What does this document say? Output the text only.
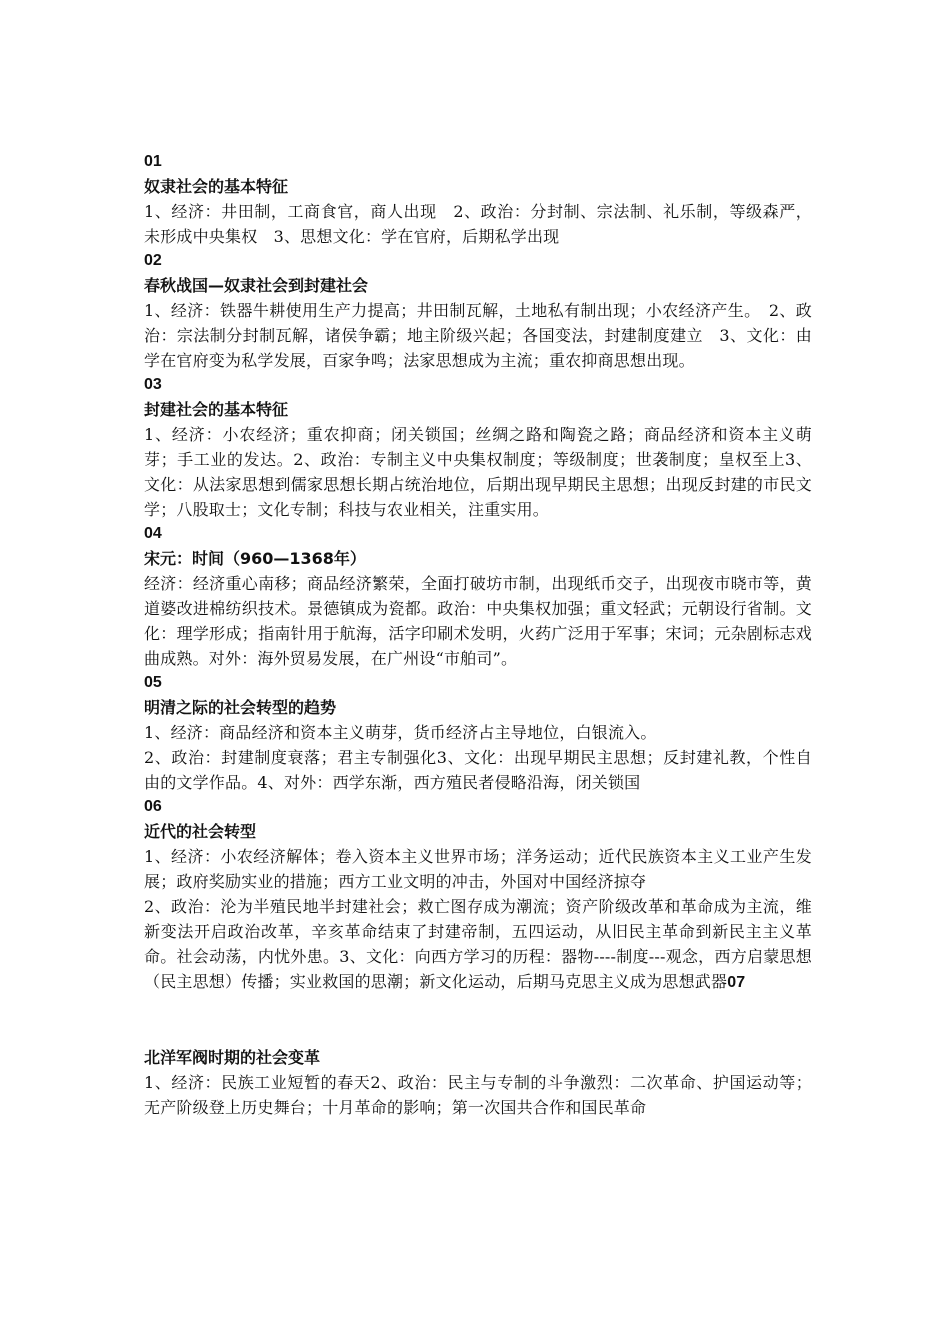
01
奴隶社会的基本特征

1、经济：井田制，工商食官，商人出现　2、政治：分封制、宗法制、礼乐制，等级森严，未形成中央集权　3、思想文化：学在官府，后期私学出现

02
春秋战国—奴隶社会到封建社会

1、经济：铁器牛耕使用生产力提高；井田制瓦解，土地私有制出现；小农经济产生。　2、政治：宗法制分封制瓦解，诸侯争霸；地主阶级兴起；各国变法，封建制度建立　3、文化：由学在官府变为私学发展，百家争鸣；法家思想成为主流；重农抑商思想出现。

03
封建社会的基本特征

1、经济：小农经济；重农抑商；闭关锁国；丝绸之路和陶瓷之路；商品经济和资本主义萌芽；手工业的发达。2、政治：专制主义中央集权制度；等级制度；世袭制度；皇权至上3、文化：从法家思想到儒家思想长期占统治地位，后期出现早期民主思想；出现反封建的市民文学；八股取士；文化专制；科技与农业相关，注重实用。

04
宋元：时间（960—1368年）

经济：经济重心南移；商品经济繁荣，全面打破坊市制，出现纸币交子，出现夜市晓市等，黄道婆改进棉纺织技术。景德镇成为瓷都。政治：中央集权加强；重文轻武；元朝设行省制。文化：理学形成；指南针用于航海，活字印刷术发明，火药广泛用于军事；宋词；元杂剧标志戏曲成熟。对外：海外贸易发展，在广州设“市舶司”。

05
明清之际的社会转型的趋势

1、经济：商品经济和资本主义萌芽，货币经济占主导地位，白银流入。

2、政治：封建制度衰落；君主专制强化3、文化：出现早期民主思想；反封建礼教，个性自由的文学作品。4、对外：西学东渐，西方殖民者侵略沿海，闭关锁国

06
近代的社会转型

1、经济：小农经济解体；卷入资本主义世界市场；洋务运动；近代民族资本主义工业产生发展；政府奖励实业的措施；西方工业文明的冲击，外国对中国经济掠夺

2、政治：沦为半殖民地半封建社会；救亡图存成为潮流；资产阶级改革和革命成为主流，维新变法开启政治改革，辛亥革命结束了封建帝制，五四运动，从旧民主革命到新民主主义革命。社会动荡，内忧外患。3、文化：向西方学习的历程：器物----制度---观念，西方启蒙思想（民主思想）传播；实业救国的思潮；新文化运动，后期马克思主义成为思想武器07

北洋军阀时期的社会变革

1、经济：民族工业短暂的春天2、政治：民主与专制的斗争激烈：二次革命、护国运动等；无产阶级登上历史舞台；十月革命的影响；第一次国共合作和国民革命
